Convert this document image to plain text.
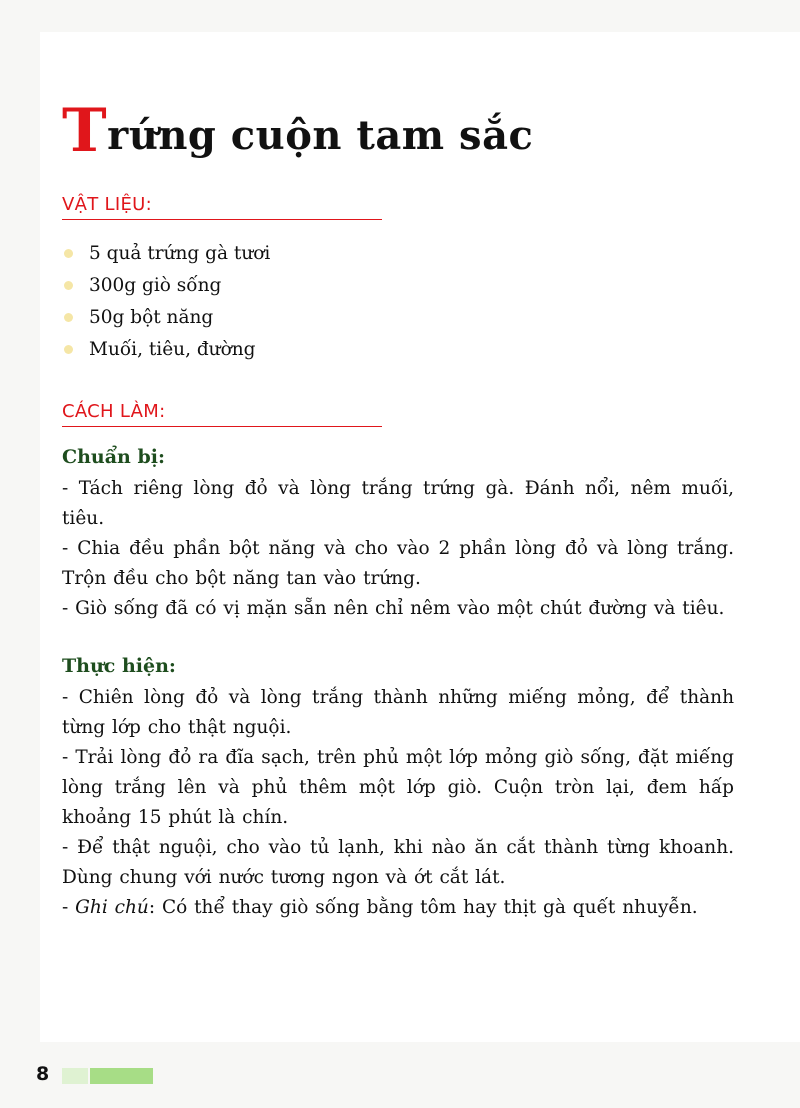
Trứng cuộn tam sắc
VẬT LIỆU:
5 quả trứng gà tươi
300g giò sống
50g bột năng
Muối, tiêu, đường
CÁCH LÀM:
Chuẩn bị:

- Tách riêng lòng đỏ và lòng trắng trứng gà. Đánh nổi, nêm muối, tiêu.

- Chia đều phần bột năng và cho vào 2 phần lòng đỏ và lòng trắng. Trộn đều cho bột năng tan vào trứng.

- Giò sống đã có vị mặn sẵn nên chỉ nêm vào một chút đường và tiêu.

Thực hiện:

- Chiên lòng đỏ và lòng trắng thành những miếng mỏng, để thành từng lớp cho thật nguội.

- Trải lòng đỏ ra đĩa sạch, trên phủ một lớp mỏng giò sống, đặt miếng lòng trắng lên và phủ thêm một lớp giò. Cuộn tròn lại, đem hấp khoảng 15 phút là chín.

- Để thật nguội, cho vào tủ lạnh, khi nào ăn cắt thành từng khoanh. Dùng chung với nước tương ngon và ớt cắt lát.

- Ghi chú: Có thể thay giò sống bằng tôm hay thịt gà quết nhuyễn.

8
